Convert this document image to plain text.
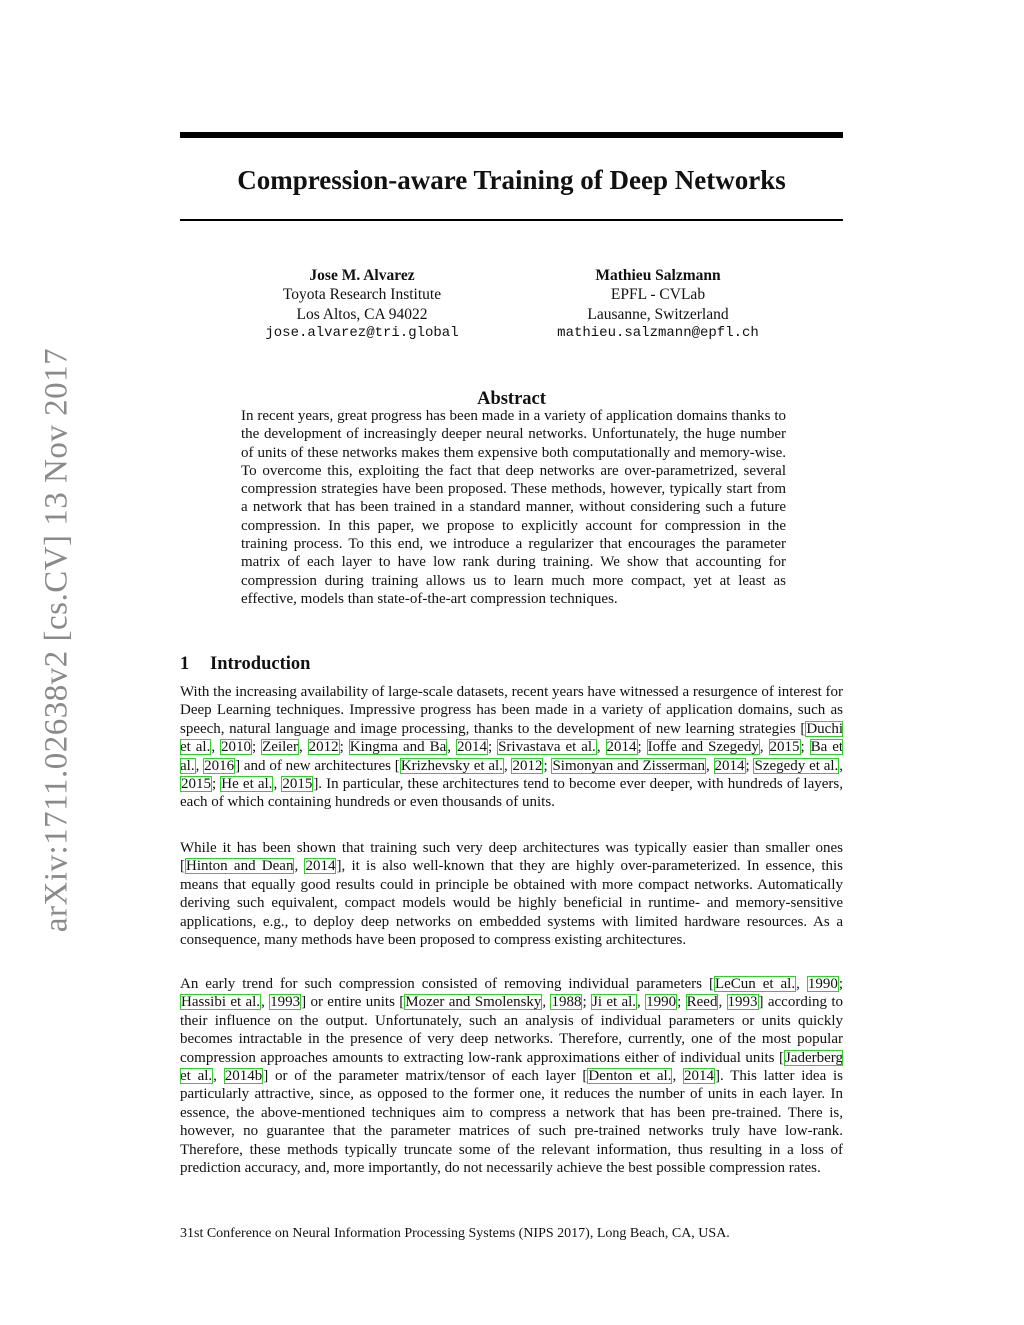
arXiv:1711.02638v2 [cs.CV] 13 Nov 2017
Compression-aware Training of Deep Networks
Jose M. Alvarez
Toyota Research Institute
Los Altos, CA 94022
jose.alvarez@tri.global
Mathieu Salzmann
EPFL - CVLab
Lausanne, Switzerland
mathieu.salzmann@epfl.ch
Abstract
In recent years, great progress has been made in a variety of application domains thanks to the development of increasingly deeper neural networks. Unfortunately, the huge number of units of these networks makes them expensive both computationally and memory-wise. To overcome this, exploiting the fact that deep networks are over-parametrized, several compression strategies have been proposed. These methods, however, typically start from a network that has been trained in a standard manner, without considering such a future compression. In this paper, we propose to explicitly account for compression in the training process. To this end, we introduce a regularizer that encourages the parameter matrix of each layer to have low rank during training. We show that accounting for compression during training allows us to learn much more compact, yet at least as effective, models than state-of-the-art compression techniques.
1 Introduction
With the increasing availability of large-scale datasets, recent years have witnessed a resurgence of interest for Deep Learning techniques. Impressive progress has been made in a variety of application domains, such as speech, natural language and image processing, thanks to the development of new learning strategies [Duchi et al., 2010; Zeiler, 2012; Kingma and Ba, 2014; Srivastava et al., 2014; Ioffe and Szegedy, 2015; Ba et al., 2016] and of new architectures [Krizhevsky et al., 2012; Simonyan and Zisserman, 2014; Szegedy et al., 2015; He et al., 2015]. In particular, these architectures tend to become ever deeper, with hundreds of layers, each of which containing hundreds or even thousands of units.
While it has been shown that training such very deep architectures was typically easier than smaller ones [Hinton and Dean, 2014], it is also well-known that they are highly over-parameterized. In essence, this means that equally good results could in principle be obtained with more compact networks. Automatically deriving such equivalent, compact models would be highly beneficial in runtime- and memory-sensitive applications, e.g., to deploy deep networks on embedded systems with limited hardware resources. As a consequence, many methods have been proposed to compress existing architectures.
An early trend for such compression consisted of removing individual parameters [LeCun et al., 1990; Hassibi et al., 1993] or entire units [Mozer and Smolensky, 1988; Ji et al., 1990; Reed, 1993] according to their influence on the output. Unfortunately, such an analysis of individual parameters or units quickly becomes intractable in the presence of very deep networks. Therefore, currently, one of the most popular compression approaches amounts to extracting low-rank approximations either of individual units [Jaderberg et al., 2014b] or of the parameter matrix/tensor of each layer [Denton et al., 2014]. This latter idea is particularly attractive, since, as opposed to the former one, it reduces the number of units in each layer. In essence, the above-mentioned techniques aim to compress a network that has been pre-trained. There is, however, no guarantee that the parameter matrices of such pre-trained networks truly have low-rank. Therefore, these methods typically truncate some of the relevant information, thus resulting in a loss of prediction accuracy, and, more importantly, do not necessarily achieve the best possible compression rates.
31st Conference on Neural Information Processing Systems (NIPS 2017), Long Beach, CA, USA.
